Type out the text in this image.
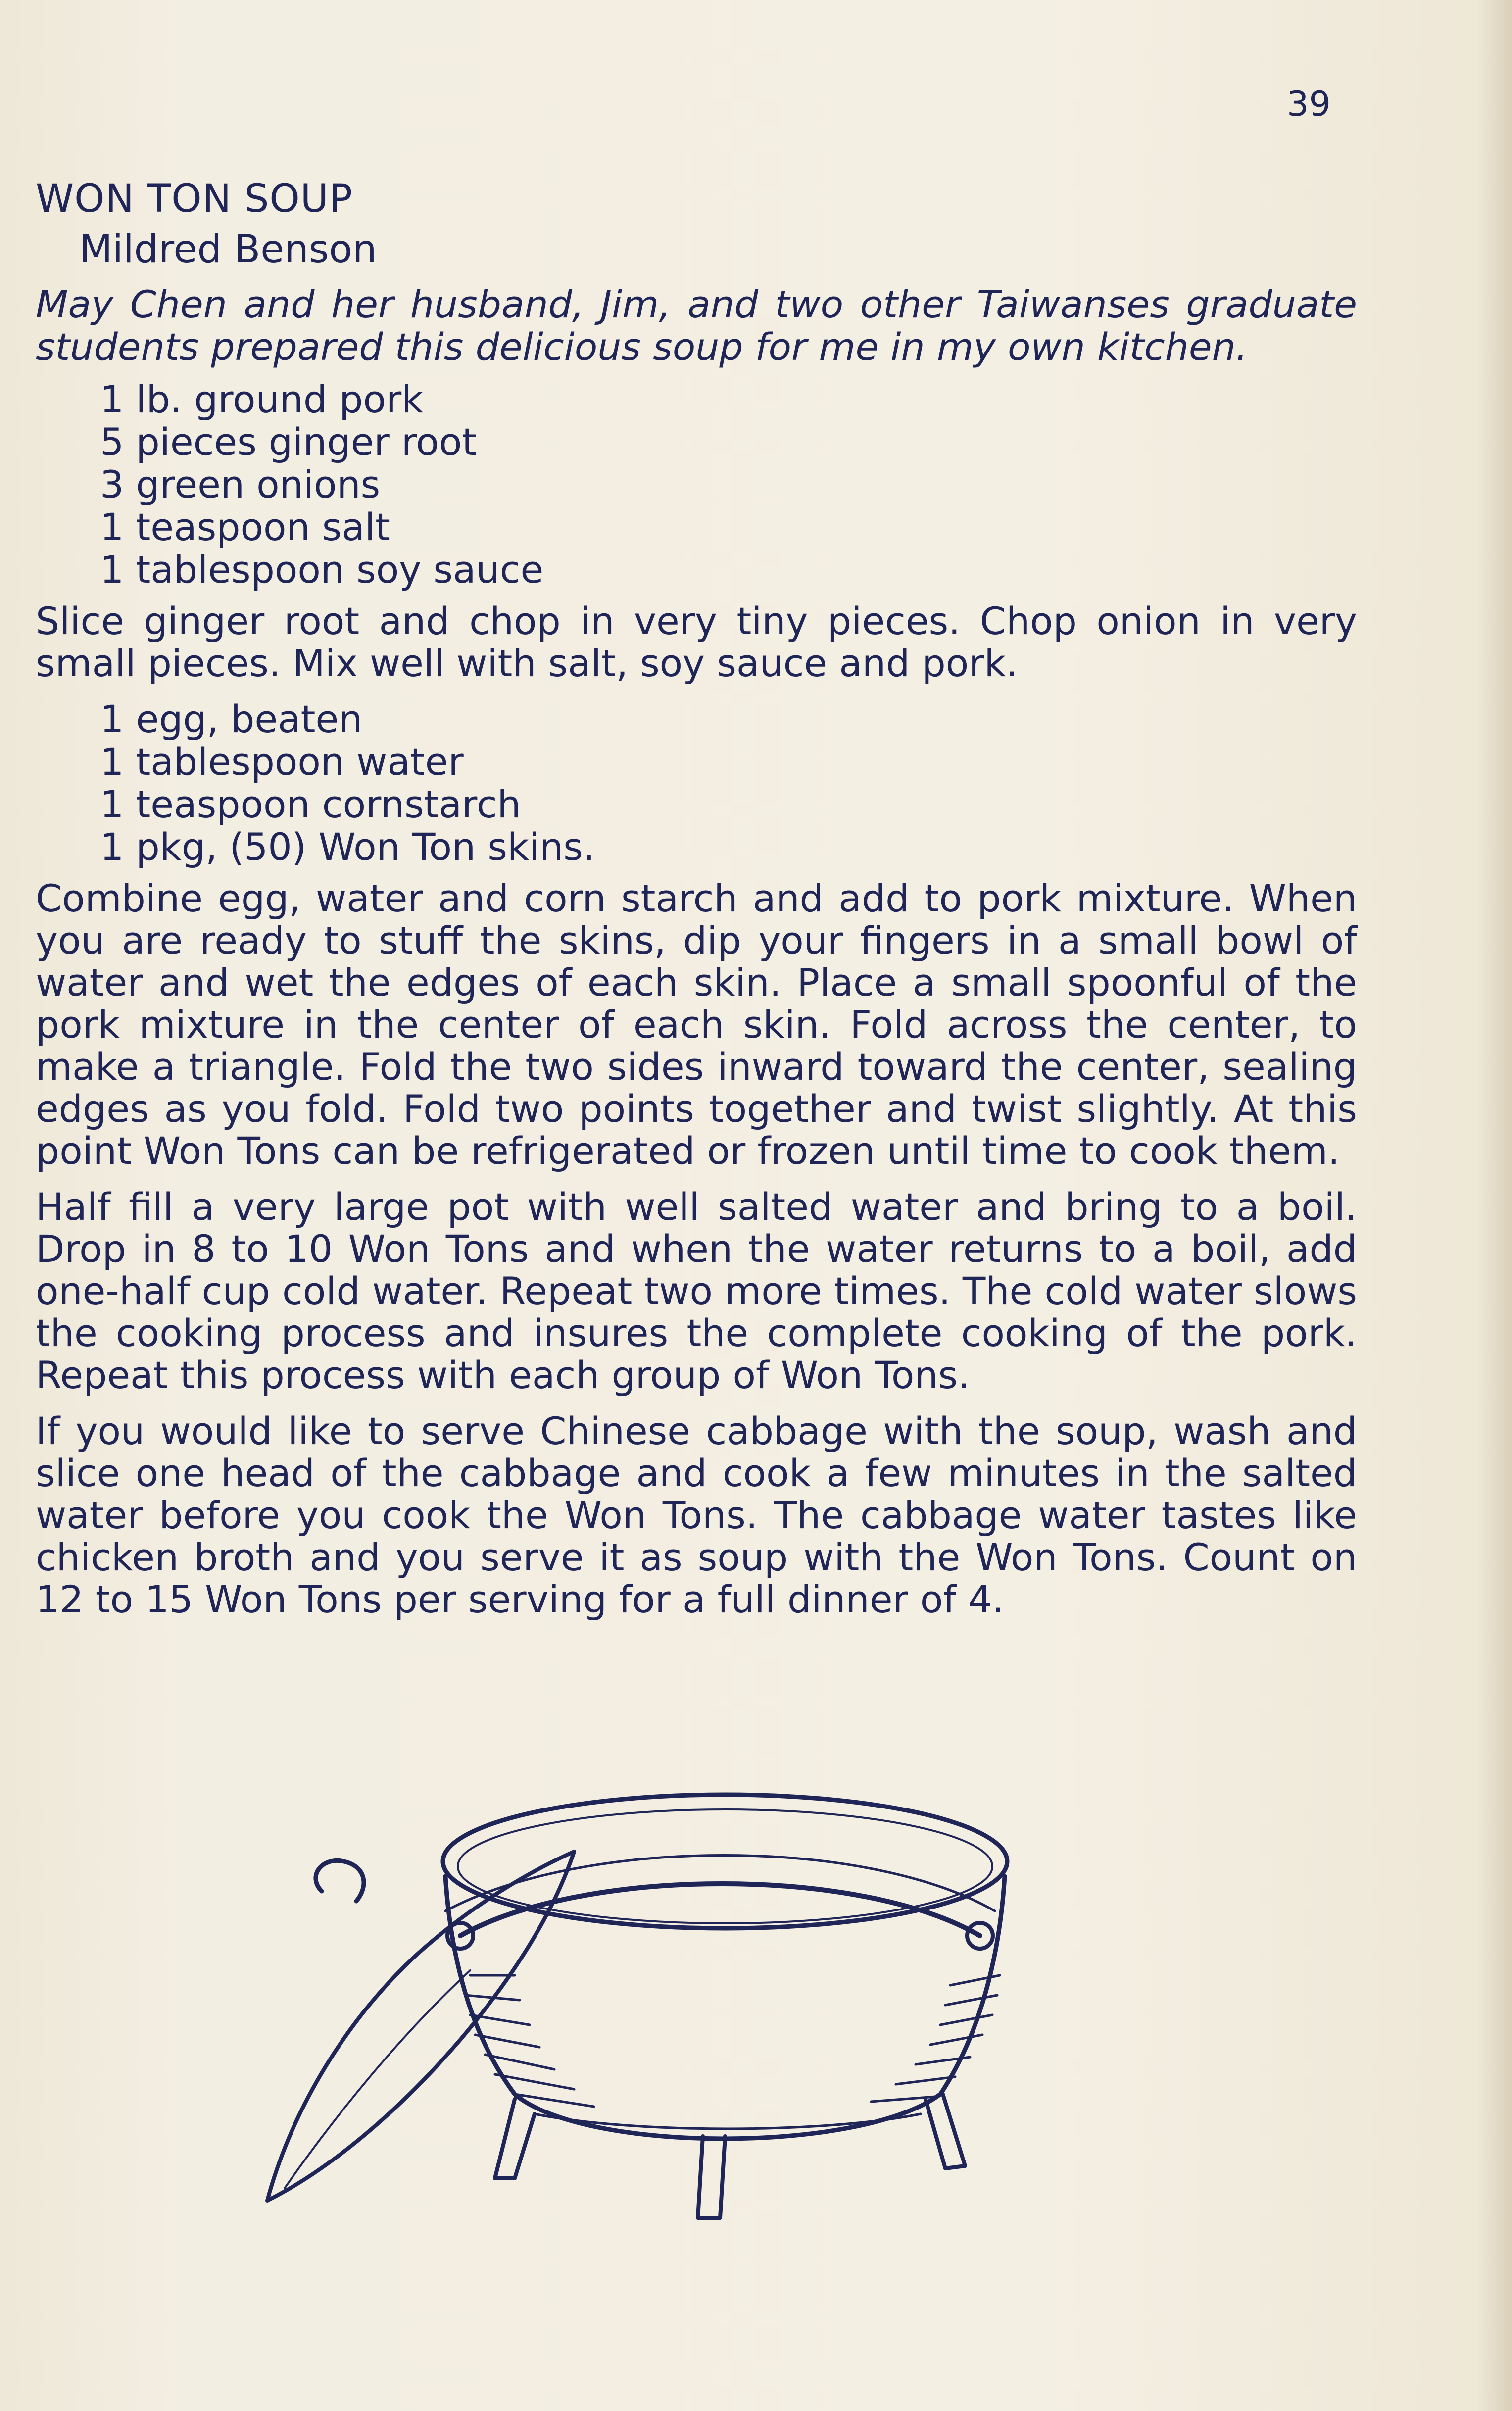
39
WON TON SOUP
Mildred Benson
May Chen and her husband, Jim, and two other Taiwanses graduate students prepared this delicious soup for me in my own kitchen.
1 lb. ground pork
5 pieces ginger root
3 green onions
1 teaspoon salt
1 tablespoon soy sauce

Slice ginger root and chop in very tiny pieces. Chop onion in very small pieces. Mix well with salt, soy sauce and pork.

1 egg, beaten
1 tablespoon water
1 teaspoon cornstarch
1 pkg, (50) Won Ton skins.

Combine egg, water and corn starch and add to pork mixture. When you are ready to stuff the skins, dip your fingers in a small bowl of water and wet the edges of each skin. Place a small spoonful of the pork mixture in the center of each skin. Fold across the center, to make a triangle. Fold the two sides inward toward the center, sealing edges as you fold. Fold two points together and twist slightly. At this point Won Tons can be refrigerated or frozen until time to cook them.

Half fill a very large pot with well salted water and bring to a boil. Drop in 8 to 10 Won Tons and when the water returns to a boil, add one-half cup cold water. Repeat two more times. The cold water slows the cooking process and insures the complete cooking of the pork. Repeat this process with each group of Won Tons.

If you would like to serve Chinese cabbage with the soup, wash and slice one head of the cabbage and cook a few minutes in the salted water before you cook the Won Tons. The cabbage water tastes like chicken broth and you serve it as soup with the Won Tons. Count on 12 to 15 Won Tons per serving for a full dinner of 4.
